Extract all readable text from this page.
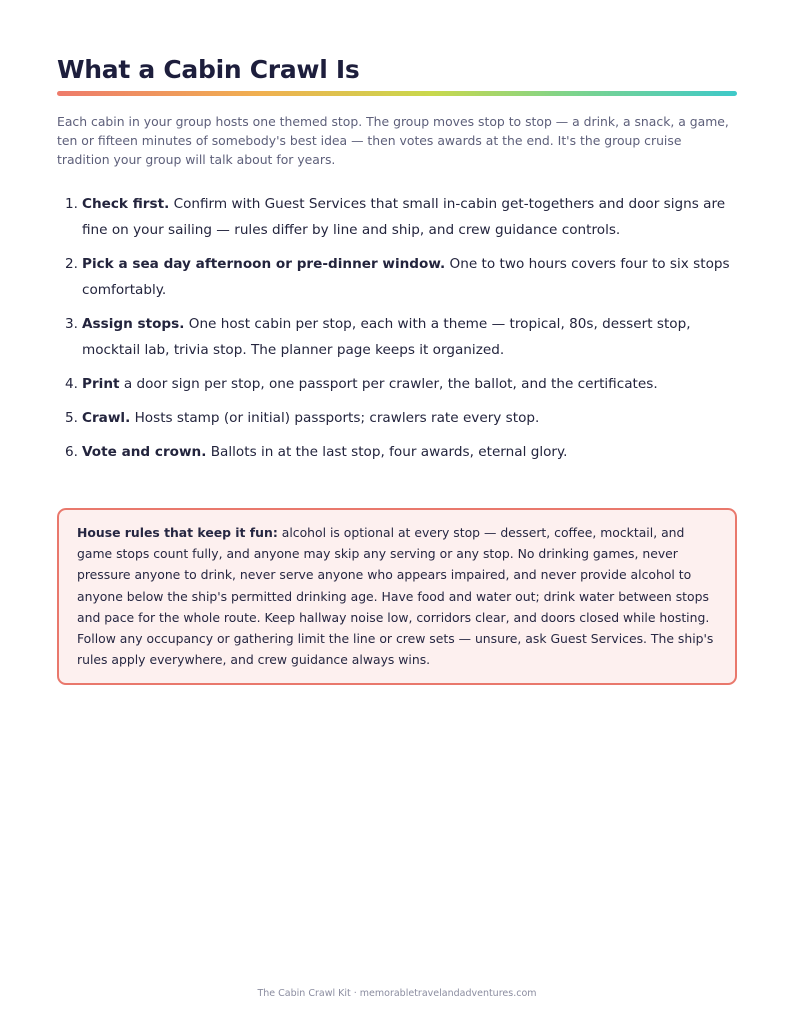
What a Cabin Crawl Is

Each cabin in your group hosts one themed stop. The group moves stop to stop — a drink, a snack, a game, ten or fifteen minutes of somebody's best idea — then votes awards at the end. It's the group cruise tradition your group will talk about for years.

1. Check first. Confirm with Guest Services that small in-cabin get-togethers and door signs are fine on your sailing — rules differ by line and ship, and crew guidance controls.
2. Pick a sea day afternoon or pre-dinner window. One to two hours covers four to six stops comfortably.
3. Assign stops. One host cabin per stop, each with a theme — tropical, 80s, dessert stop, mocktail lab, trivia stop. The planner page keeps it organized.
4. Print a door sign per stop, one passport per crawler, the ballot, and the certificates.
5. Crawl. Hosts stamp (or initial) passports; crawlers rate every stop.
6. Vote and crown. Ballots in at the last stop, four awards, eternal glory.
House rules that keep it fun: alcohol is optional at every stop — dessert, coffee, mocktail, and game stops count fully, and anyone may skip any serving or any stop. No drinking games, never pressure anyone to drink, never serve anyone who appears impaired, and never provide alcohol to anyone below the ship's permitted drinking age. Have food and water out; drink water between stops and pace for the whole route. Keep hallway noise low, corridors clear, and doors closed while hosting. Follow any occupancy or gathering limit the line or crew sets — unsure, ask Guest Services. The ship's rules apply everywhere, and crew guidance always wins.
The Cabin Crawl Kit · memorabletravelandadventures.com
